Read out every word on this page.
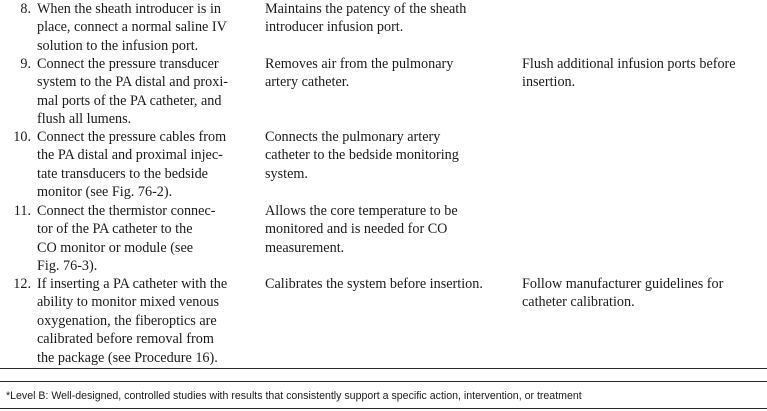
8. When the sheath introducer is in
place, connect a normal saline IV
solution to the infusion port.
Maintains the patency of the sheath
introducer infusion port.
9. Connect the pressure transducer
system to the PA distal and proxi-
mal ports of the PA catheter, and
flush all lumens.
Removes air from the pulmonary
artery catheter.
Flush additional infusion ports before
insertion.
10. Connect the pressure cables from
the PA distal and proximal injec-
tate transducers to the bedside
monitor (see Fig. 76-2).
Connects the pulmonary artery
catheter to the bedside monitoring
system.
11. Connect the thermistor connec-
tor of the PA catheter to the
CO monitor or module (see
Fig. 76-3).
Allows the core temperature to be
monitored and is needed for CO
measurement.
12. If inserting a PA catheter with the
ability to monitor mixed venous
oxygenation, the fiberoptics are
calibrated before removal from
the package (see Procedure 16).
Calibrates the system before insertion.	Follow manufacturer guidelines for
catheter calibration.
*Level B: Well-designed, controlled studies with results that consistently support a specific action, intervention, or treatment
